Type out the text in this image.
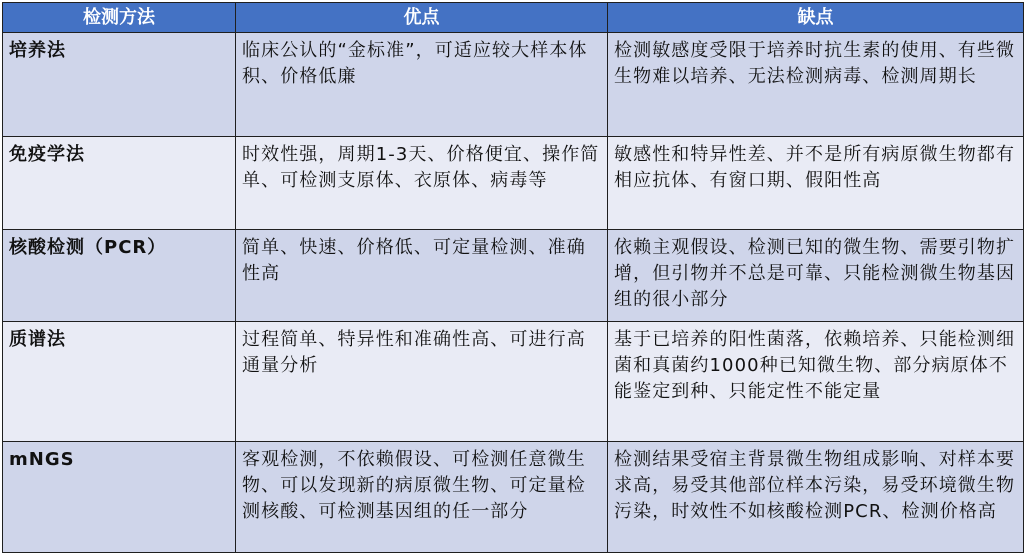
检测方法	优点	缺点
培养法	临床公认的“金标准”，可适应较大样本体积、价格低廉	检测敏感度受限于培养时抗生素的使用、有些微生物难以培养、无法检测病毒、检测周期长
免疫学法	时效性强，周期1-3天、价格便宜、操作简单、可检测支原体、衣原体、病毒等	敏感性和特异性差、并不是所有病原微生物都有相应抗体、有窗口期、假阳性高
核酸检测（PCR）	简单、快速、价格低、可定量检测、准确性高	依赖主观假设、检测已知的微生物、需要引物扩增，但引物并不总是可靠、只能检测微生物基因组的很小部分
质谱法	过程简单、特异性和准确性高、可进行高通量分析	基于已培养的阳性菌落，依赖培养、只能检测细菌和真菌约1000种已知微生物、部分病原体不能鉴定到种、只能定性不能定量
mNGS	客观检测，不依赖假设、可检测任意微生物、可以发现新的病原微生物、可定量检测核酸、可检测基因组的任一部分	检测结果受宿主背景微生物组成影响、对样本要求高，易受其他部位样本污染，易受环境微生物污染，时效性不如核酸检测PCR、检测价格高
